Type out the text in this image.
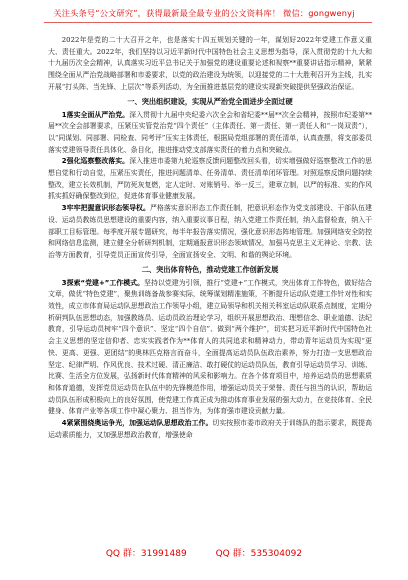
关注头条号“公文研究”，获得最新最全最专业的公文资料库！ 微信：gongwenyj

2022年是党的二十大召开之年，也是落实十四五规划关键的一年，谋划好2022年党建工作意义重大、责任重大。2022年，我们坚持以习近平新时代中国特色社会主义思想为指导，深入贯彻党的十九大和十九届历次全会精神，认真落实习近平总书记关于加强党的建设重要论述和视察**重要讲话指示精神，紧紧围绕全面从严治党战略部署和市委要求，以党的政治建设为统领，以迎接党的二十大胜利召开为主线，扎实开展“打头阵、当先锋、上层次”等系列活动，为全面推进基层党的建设实现新突破提供坚强政治保证。

一、突出组织建设，实现从严治党全面进步全面过硬

1落实全面从严治党。深入贯彻十九届中央纪委六次全会和省纪委**届**次全会精神，按照市纪委第**届**次全会部署要求，压紧压实管党治党“四个责任”（主体责任、第一责任、第一责任人和“一岗双责”），以“同谋划、同部署、同检查、同考评”压实主体责任，根据局党组部署的责任清单，认真查摆，将支部委员落实党建领导责任具体化、条目化，推进推动党支部落实责任的着力点和突破点。

2强化巡察整改落实。深入推进市委第九轮巡察反馈问题整改回头看，切实增强做好巡察整改工作的思想自觉和行动自觉，压紧压实责任，推进问题清单、任务清单、责任清单闭环管理。对照巡察反馈问题持续整改，建立长效机制，严防死灰复燃，定人定时、对账销号、举一反三，建章立制，以严的标准、实的作风抓实抓好确保整改到位，促进体育事业健康发展。

3牢牢把握意识形态领导权。严格落实意识形态工作责任制，把意识形态作为党支部建设、干部队伍建设、运动员教练员思想建设的重要内容，纳入重要议事日程，纳入党建工作责任制，纳入监督检查，纳入干部职工目标管理。每季度开展专题研究，每半年报告落实情况，强化意识形态阵地管理。加强网络安全防控和网络信息监测，建立健全分析研判机制，定期通报意识形态领域情况，加强马克思主义无神论、宗教、法治等方面教育，引导党员正面宣传引导，全面宣扬安全、文明、和谐的舆论环境。

二、突出体育特色，推动党建工作创新发展

3探索“党建+”工作模式。坚持以党建为引领，推行“党建+”工作模式，突出体育工作特色，做好结合文章，做优“特色党建”，聚焦训练备战参赛实际，统筹谋划精准施策，不断提升运动队党建工作针对性和实效性，成立市体育局运动队思想政治工作领导小组，建立局领导和机关相关科室运动队联系点制度，定期分析研判队伍思想动态，加强教练员、运动员政治理论学习，组织开展思想政治、理想信念、职业道德、法纪教育，引导运动员树牢“四个意识”、坚定“四个自信”、做到“两个维护”，切实把习近平新时代中国特色社会主义思想的坚定信仰者、忠实实践者作为**体育人的共同追求和精神动力，带动青年运动员为实现“更快、更高、更强、更团结”的奥林匹克格言而奋斗，全面提高运动员队伍政治素养，努力打造一支思想政治坚定、纪律严明、作风优良、技术过硬、清正廉洁、敢打硬仗的运动员队伍，教育引导运动员学习、训练、比赛、生活全方位发展，弘扬新时代体育精神的风采和影响力。在各个体育项目中，培养运动员的思想素质和体育道德，发挥党员运动员在队伍中的先锋模范作用，增强运动员关于荣誉、责任与担当的认识，帮助运动员队伍形成积极向上的良好氛围，使党建工作真正成为推动体育事业发展的强大动力，在竞技体育、全民健身、体育产业等各项工作中凝心聚力、担当作为，为体育强市建设贡献力量。

4紧紧围绕奥运争光，加强运动队思想政治工作。切实按照市委市政府关于训练队的指示要求，既提高运动素质能力，又加强思想政治教育，增强使命

QQ 群：31991489	QQ 群：535304092
